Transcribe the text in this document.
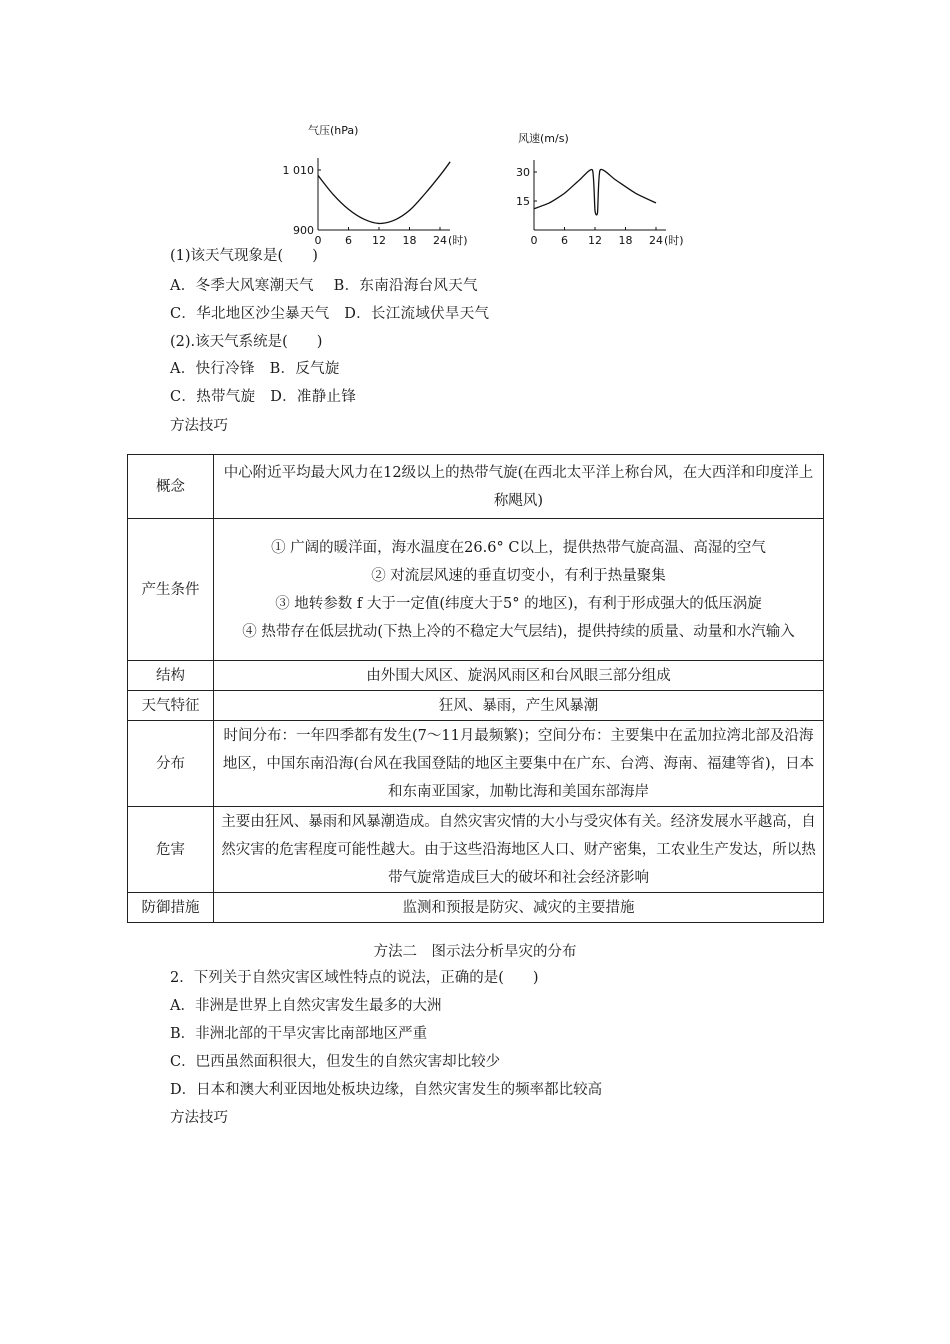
气压(hPa)
0 6 12 18 24
900
1 010
(时)
风速(m/s)
0 6 12 18 24
15
30
(时)
(1)该天气现象是(　　)
A．冬季大风寒潮天气　 B．东南沿海台风天气
C．华北地区沙尘暴天气　D．长江流域伏旱天气
(2).该天气系统是(　　)
A．快行冷锋　B．反气旋
C．热带气旋　D．准静止锋
方法技巧
概念	中心附近平均最大风力在12级以上的热带气旋(在西北太平洋上称台风，在大西洋和印度洋上称飓风)
产生条件	① 广阔的暖洋面，海水温度在26.6° C以上，提供热带气旋高温、高湿的空气
② 对流层风速的垂直切变小，有利于热量聚集
③ 地转参数 f 大于一定值(纬度大于5° 的地区)，有利于形成强大的低压涡旋
④ 热带存在低层扰动(下热上冷的不稳定大气层结)，提供持续的质量、动量和水汽输入

结构	由外围大风区、旋涡风雨区和台风眼三部分组成
天气特征	狂风、暴雨，产生风暴潮
分布	时间分布：一年四季都有发生(7～11月最频繁)；空间分布：主要集中在孟加拉湾北部及沿海地区，中国东南沿海(台风在我国登陆的地区主要集中在广东、台湾、海南、福建等省)，日本和东南亚国家，加勒比海和美国东部海岸
危害	主要由狂风、暴雨和风暴潮造成。自然灾害灾情的大小与受灾体有关。经济发展水平越高，自然灾害的危害程度可能性越大。由于这些沿海地区人口、财产密集，工农业生产发达，所以热带气旋常造成巨大的破坏和社会经济影响
防御措施	监测和预报是防灾、减灾的主要措施
方法二　图示法分析旱灾的分布
2．下列关于自然灾害区域性特点的说法，正确的是(　　)
A．非洲是世界上自然灾害发生最多的大洲
B．非洲北部的干旱灾害比南部地区严重
C．巴西虽然面积很大，但发生的自然灾害却比较少
D．日本和澳大利亚因地处板块边缘，自然灾害发生的频率都比较高
方法技巧
